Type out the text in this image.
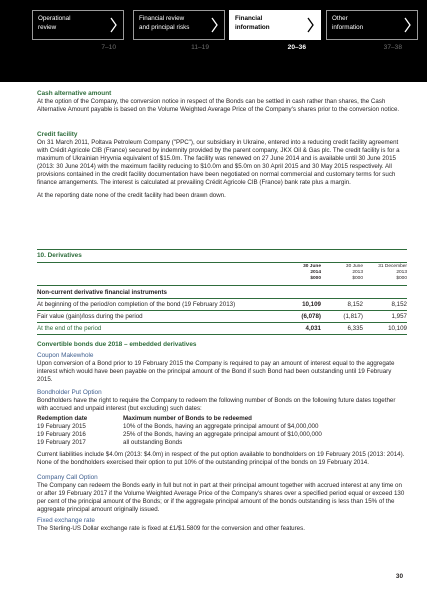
Operational
review
Financial review
and principal risks
Financial
information
Other
information
7–10	11–19	20–36	37–38
Cash alternative amount
At the option of the Company, the conversion notice in respect of the Bonds can be settled in cash rather than shares, the Cash Alternative Amount payable is based on the Volume Weighted Average Price of the Company's shares prior to the conversion notice.
Credit facility
On 31 March 2011, Poltava Petroleum Company ("PPC"), our subsidiary in Ukraine, entered into a reducing credit facility agreement with Crédit Agricole CIB (France) secured by indemnity provided by the parent company, JKX Oil & Gas plc. The credit facility is for a maximum of Ukrainian Hryvnia equivalent of $15.0m. The facility was renewed on 27 June 2014 and is available until 30 June 2015 (2013: 30 June 2014) with the maximum facility reducing to $10.0m and $5.0m on 30 April 2015 and 30 May 2015 respectively. All provisions contained in the credit facility documentation have been negotiated on normal commercial and customary terms for such finance arrangements. The interest is calculated at prevailing Crédit Agricole CIB (France) bank rate plus a margin.
At the reporting date none of the credit facility had been drawn down.
10. Derivatives
30 June
2014
$000
30 June
2013
$000
31 December
2013
$000
Non-current derivative financial instruments
At beginning of the period/on completion of the bond (19 February 2013)	10,109	8,152	8,152
Fair value (gain)/loss during the period	(6,078)	(1,817)	1,957
At the end of the period	4,031	6,335	10,109
Convertible bonds due 2018 – embedded derivatives
Coupon Makewhole
Upon conversion of a Bond prior to 19 February 2015 the Company is required to pay an amount of interest equal to the aggregate interest which would have been payable on the principal amount of the Bond if such Bond had been outstanding until 19 February 2015.
Bondholder Put Option
Bondholders have the right to require the Company to redeem the following number of Bonds on the following future dates together with accrued and unpaid interest (but excluding) such dates:
Redemption date	Maximum number of Bonds to be redeemed
19 February 2015	10% of the Bonds, having an aggregate principal amount of $4,000,000
19 February 2016	25% of the Bonds, having an aggregate principal amount of $10,000,000
19 February 2017	all outstanding Bonds
Current liabilities include $4.0m (2013: $4.0m) in respect of the put option available to bondholders on 19 February 2015 (2013: 2014). None of the bondholders exercised their option to put 10% of the outstanding principal of the bonds on 19 February 2014.
Company Call Option
The Company can redeem the Bonds early in full but not in part at their principal amount together with accrued interest at any time on or after 19 February 2017 if the Volume Weighted Average Price of the Company's shares over a specified period equal or exceed 130 per cent of the principal amount of the Bonds; or if the aggregate principal amount of the bonds outstanding is less than 15% of the aggregate principal amount originally issued.
Fixed exchange rate
The Sterling-US Dollar exchange rate is fixed at £1/$1.5809 for the conversion and other features.
30
